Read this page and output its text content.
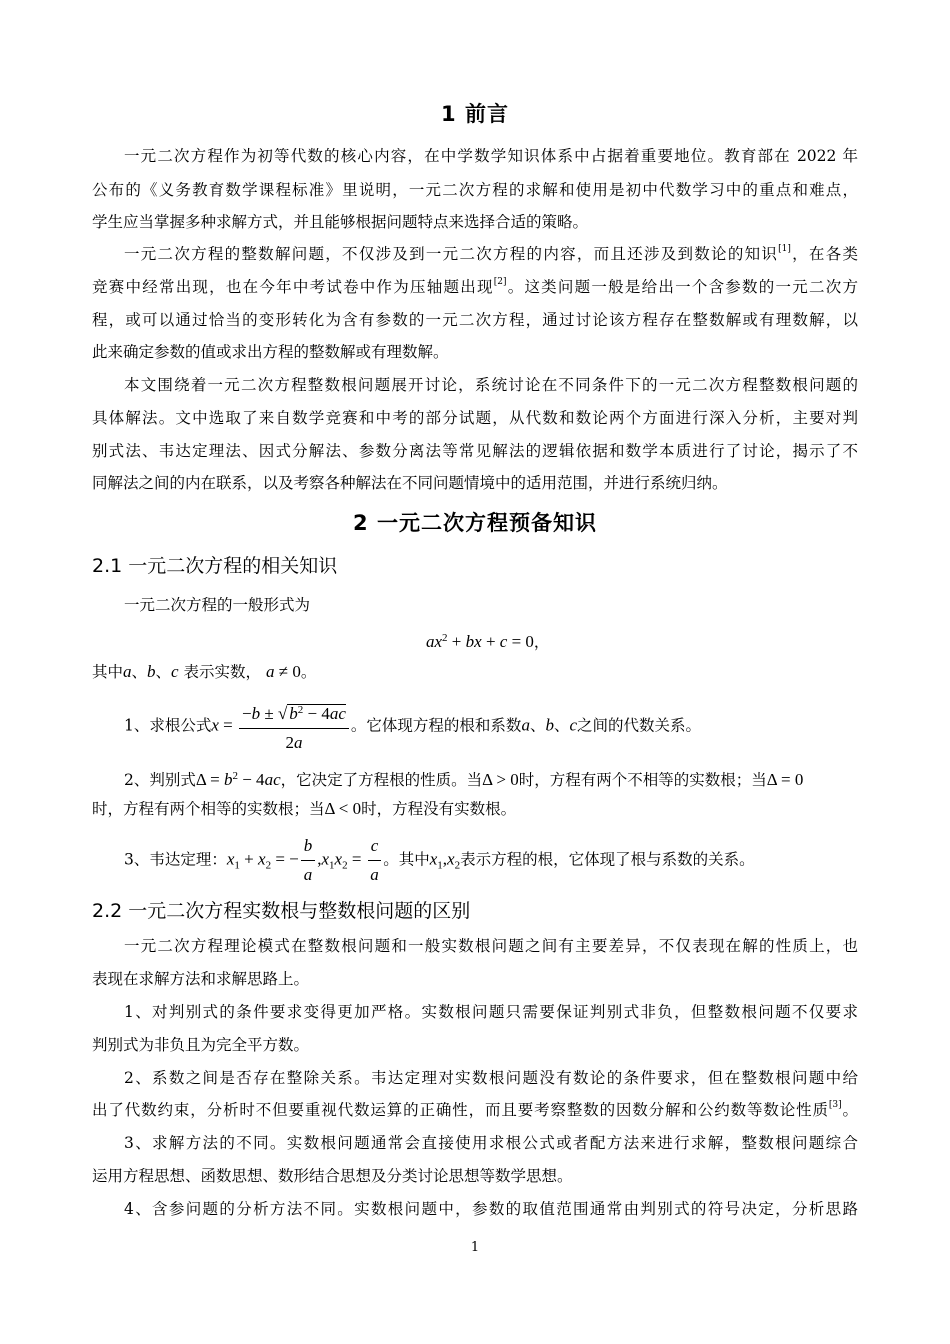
1 前言
一元二次方程作为初等代数的核心内容，在中学数学知识体系中占据着重要地位。教育部在 2022 年
公布的《义务教育数学课程标准》里说明，一元二次方程的求解和使用是初中代数学习中的重点和难点，
学生应当掌握多种求解方式，并且能够根据问题特点来选择合适的策略。
一元二次方程的整数解问题，不仅涉及到一元二次方程的内容，而且还涉及到数论的知识[1]，在各类
竞赛中经常出现，也在今年中考试卷中作为压轴题出现[2]。这类问题一般是给出一个含参数的一元二次方
程，或可以通过恰当的变形转化为含有参数的一元二次方程，通过讨论该方程存在整数解或有理数解，以
此来确定参数的值或求出方程的整数解或有理数解。
本文围绕着一元二次方程整数根问题展开讨论，系统讨论在不同条件下的一元二次方程整数根问题的
具体解法。文中选取了来自数学竞赛和中考的部分试题，从代数和数论两个方面进行深入分析，主要对判
别式法、韦达定理法、因式分解法、参数分离法等常见解法的逻辑依据和数学本质进行了讨论，揭示了不
同解法之间的内在联系，以及考察各种解法在不同问题情境中的适用范围，并进行系统归纳。
2 一元二次方程预备知识
2.1 一元二次方程的相关知识
一元二次方程的一般形式为
$ax^2$ + bx + c = 0，
其中a、b、c 表示实数， a ≠ 0。
1、求根公式$x = \frac{-b \pm √ b^2 - 4ac}{2a}$ 。它体现方程的根和系数a、b、c之间的代数关系。
2、判别式$\Delta = b^2 - 4ac$，它决定了方程根的性质。当Δ > 0时，方程有两个不相等的实数根；当Δ = 0
时，方程有两个相等的实数根；当Δ < 0时，方程没有实数根。
3、韦达定理：$x_1 + x_2$ = − $\frac{b}{a} ,x_1x_2 = \frac{c}{a}$ 。其中$x_1,x_2$表示方程的根，它体现了根与系数的关系。
2.2 一元二次方程实数根与整数根问题的区别
一元二次方程理论模式在整数根问题和一般实数根问题之间有主要差异，不仅表现在解的性质上，也
表现在求解方法和求解思路上。
1、对判别式的条件要求变得更加严格。实数根问题只需要保证判别式非负，但整数根问题不仅要求
判别式为非负且为完全平方数。
2、系数之间是否存在整除关系。韦达定理对实数根问题没有数论的条件要求，但在整数根问题中给
出了代数约束，分析时不但要重视代数运算的正确性，而且要考察整数的因数分解和公约数等数论性质[3]。
3、求解方法的不同。实数根问题通常会直接使用求根公式或者配方法来进行求解，整数根问题综合
运用方程思想、函数思想、数形结合思想及分类讨论思想等数学思想。
4、含参问题的分析方法不同。实数根问题中，参数的取值范围通常由判别式的符号决定，分析思路
1
